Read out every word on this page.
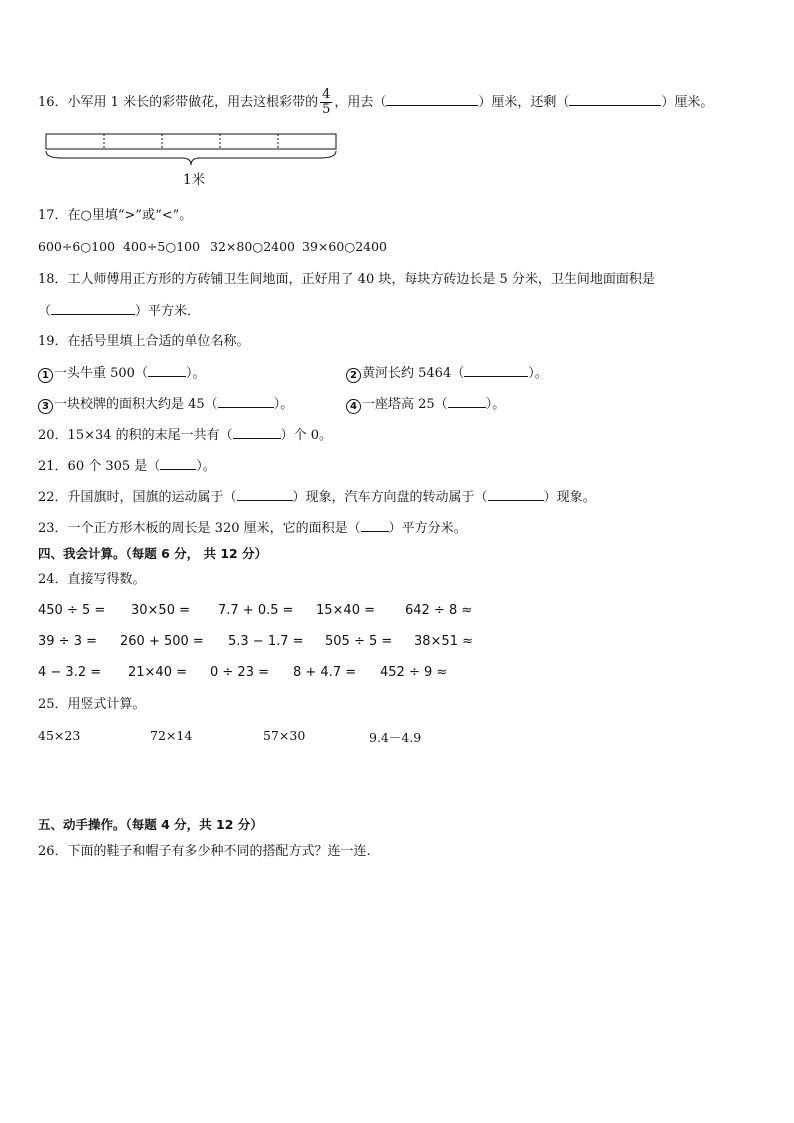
16．小军用 1 米长的彩带做花，用去这根彩带的 $\frac{4}{5}$ ，用去（	）厘米，还剩（	）厘米。
1米
17．在○里填“>”或“<”。
600÷6○100 400÷5○100 32×80○2400 39×60○2400
18．工人师傅用正方形的方砖铺卫生间地面，正好用了 40 块，每块方砖边长是 5 分米，卫生间地面面积是
（	）平方米．
19．在括号里填上合适的单位名称。
1 一头牛重 500（	）。	2 黄河长约 5464（	）。
3 一块校牌的面积大约是 45（	）。	4 一座塔高 25（	）。
20．15×34 的积的末尾一共有（	）个 0。
21．60 个 305 是（	）。
22．升国旗时，国旗的运动属于（	）现象，汽车方向盘的转动属于（	）现象。
23．一个正方形木板的周长是 320 厘米，它的面积是（ ）平方分米。
四、我会计算。（每题 6 分， 共 12 分）
24．直接写得数。
450 ÷ 5 = 30×50 = 7.7 + 0.5 = 15×40 = 642 ÷ 8 ≈
39 ÷ 3 = 260 + 500 = 5.3 − 1.7 = 505 ÷ 5 = 38×51 ≈
4 − 3.2 = 21×40 = 0 ÷ 23 = 8 + 4.7 = 452 ÷ 9 ≈
25．用竖式计算。
45×23	72×14	57×30	9.4－4.9
五、动手操作。（每题 4 分，共 12 分）
26．下面的鞋子和帽子有多少种不同的搭配方式？连一连.
